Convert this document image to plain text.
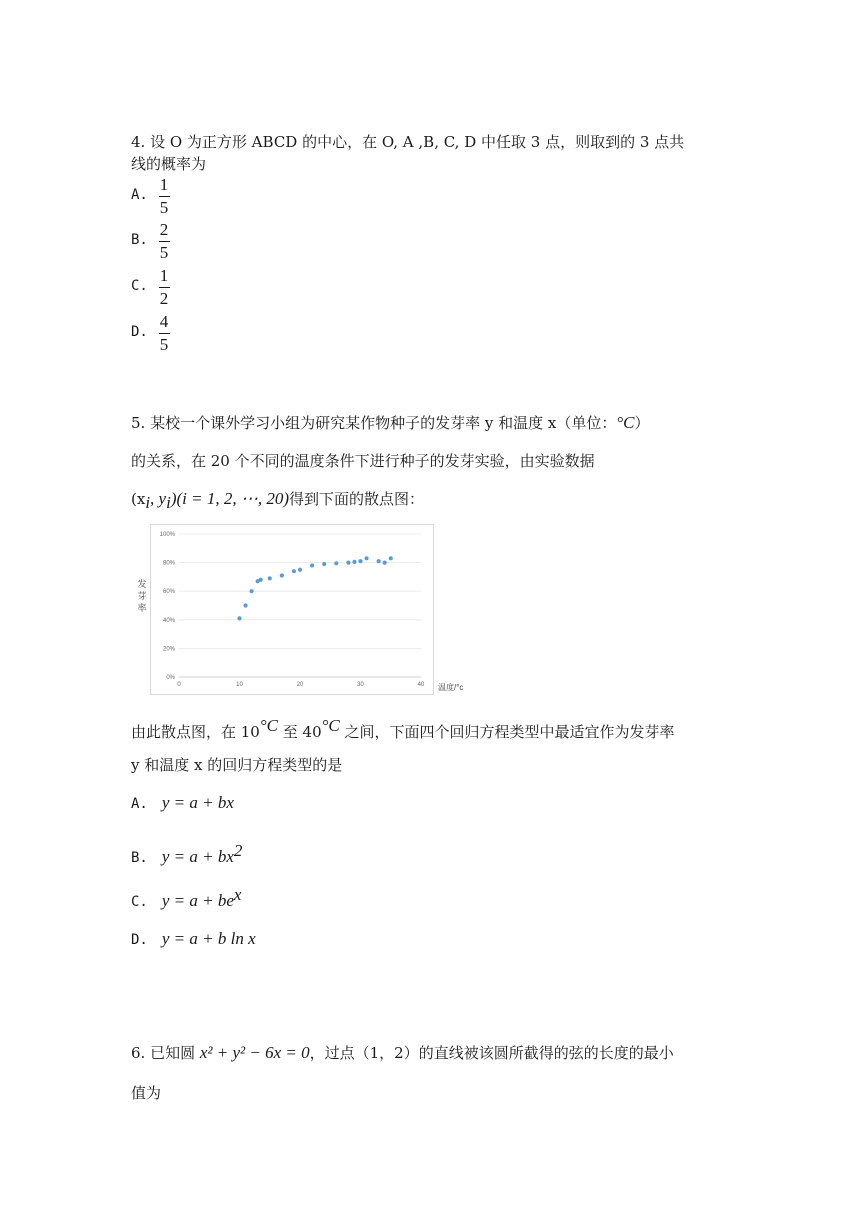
4. 设 O 为正方形 ABCD 的中心，在 O, A ,B, C, D 中任取 3 点，则取到的 3 点共
线的概率为
A.
1
5
B.
2
5
C.
1
2
D.
4
5
5. 某校一个课外学习小组为研究某作物种子的发芽率 y 和温度 x（单位：°C）
的关系，在 20 个不同的温度条件下进行种子的发芽实验，由实验数据
($x_i$, $y_i)(i = 1$, 2, ⋯, 20)得到下面的散点图：
0%
20%
40%
60%
80%
100%
0	10	20	30	40
发
芽
率
温度/°c
由此散点图，在 $10^{^\circ C}$ 至 $40^{^\circ C}$ 之间，下面四个回归方程类型中最适宜作为发芽率
y 和温度 x 的回归方程类型的是
A. y = a + bx
B. $y = a + bx^2$
C. $y = a + be^x$
D. y = a + b ln x
6. 已知圆 x² + y² − 6x = 0，过点（1，2）的直线被该圆所截得的弦的长度的最小
值为
